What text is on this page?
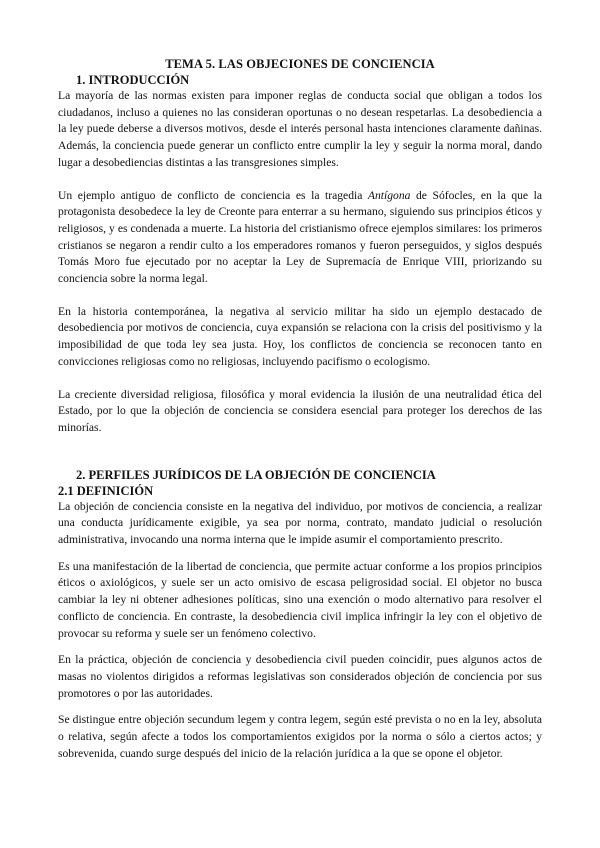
TEMA 5. LAS OBJECIONES DE CONCIENCIA
1. INTRODUCCIÓN

La mayoría de las normas existen para imponer reglas de conducta social que obligan a todos los ciudadanos, incluso a quienes no las consideran oportunas o no desean respetarlas. La desobediencia a la ley puede deberse a diversos motivos, desde el interés personal hasta intenciones claramente dañinas. Además, la conciencia puede generar un conflicto entre cumplir la ley y seguir la norma moral, dando lugar a desobediencias distintas a las transgresiones simples.

Un ejemplo antiguo de conflicto de conciencia es la tragedia Antígona de Sófocles, en la que la protagonista desobedece la ley de Creonte para enterrar a su hermano, siguiendo sus principios éticos y religiosos, y es condenada a muerte. La historia del cristianismo ofrece ejemplos similares: los primeros cristianos se negaron a rendir culto a los emperadores romanos y fueron perseguidos, y siglos después Tomás Moro fue ejecutado por no aceptar la Ley de Supremacía de Enrique VIII, priorizando su conciencia sobre la norma legal.

En la historia contemporánea, la negativa al servicio militar ha sido un ejemplo destacado de desobediencia por motivos de conciencia, cuya expansión se relaciona con la crisis del positivismo y la imposibilidad de que toda ley sea justa. Hoy, los conflictos de conciencia se reconocen tanto en convicciones religiosas como no religiosas, incluyendo pacifismo o ecologismo.

La creciente diversidad religiosa, filosófica y moral evidencia la ilusión de una neutralidad ética del Estado, por lo que la objeción de conciencia se considera esencial para proteger los derechos de las minorías.

2. PERFILES JURÍDICOS DE LA OBJECIÓN DE CONCIENCIA
2.1 DEFINICIÓN

La objeción de conciencia consiste en la negativa del individuo, por motivos de conciencia, a realizar una conducta jurídicamente exigible, ya sea por norma, contrato, mandato judicial o resolución administrativa, invocando una norma interna que le impide asumir el comportamiento prescrito.

Es una manifestación de la libertad de conciencia, que permite actuar conforme a los propios principios éticos o axiológicos, y suele ser un acto omisivo de escasa peligrosidad social. El objetor no busca cambiar la ley ni obtener adhesiones políticas, sino una exención o modo alternativo para resolver el conflicto de conciencia. En contraste, la desobediencia civil implica infringir la ley con el objetivo de provocar su reforma y suele ser un fenómeno colectivo.

En la práctica, objeción de conciencia y desobediencia civil pueden coincidir, pues algunos actos de masas no violentos dirigidos a reformas legislativas son considerados objeción de conciencia por sus promotores o por las autoridades.

Se distingue entre objeción secundum legem y contra legem, según esté prevista o no en la ley, absoluta o relativa, según afecte a todos los comportamientos exigidos por la norma o sólo a ciertos actos; y sobrevenida, cuando surge después del inicio de la relación jurídica a la que se opone el objetor.
